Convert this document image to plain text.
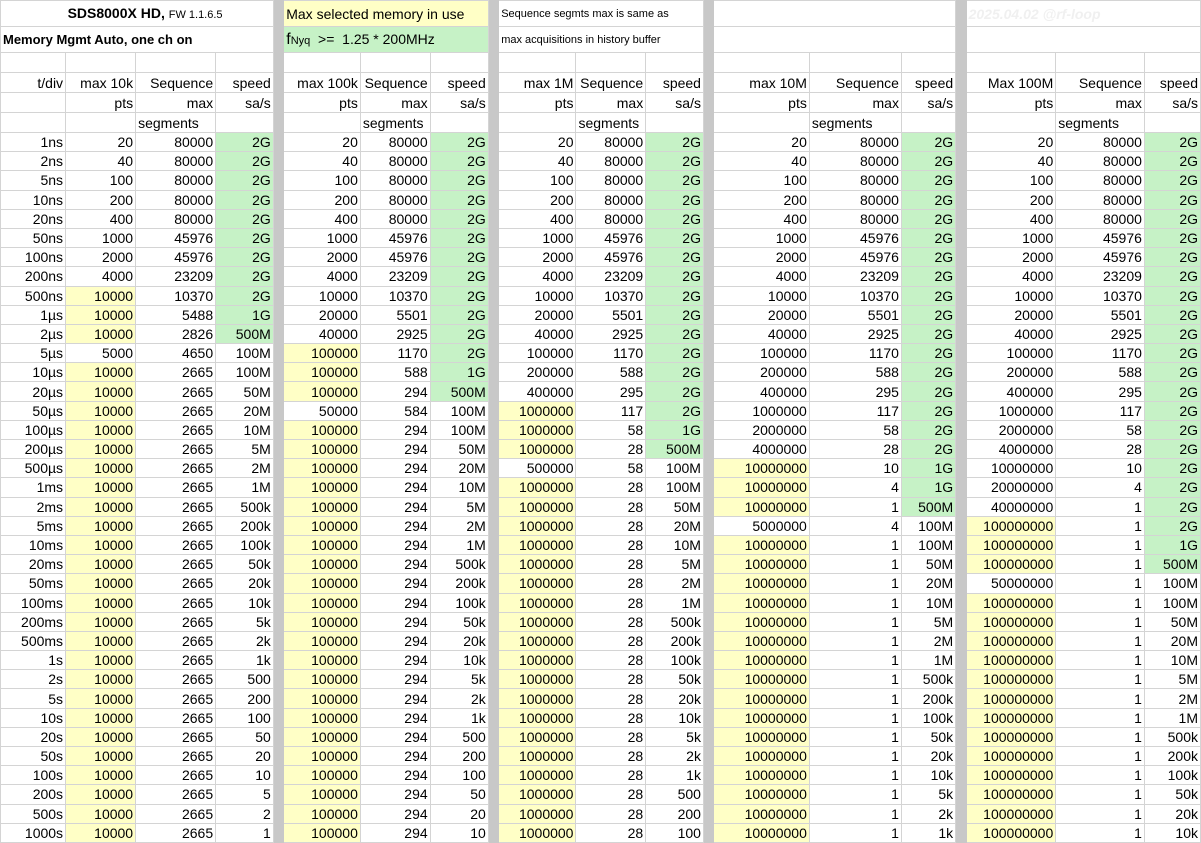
	SDS8000X HD, FW 1.1.6.5				Max selected memory in use				Sequence segmts max is same as								2025.04.02 @rf-loop		
Memory Mgmt Auto, one ch on					fNyq  >=  1.25 * 200MHz				max acquisitions in history buffer										

t/div	max 10k	Sequence	speed		max 100k	Sequence	speed		max 1M	Sequence	speed		max 10M	Sequence	speed		Max 100M	Sequence	speed
	pts	max	sa/s		pts	max	sa/s		pts	max	sa/s		pts	max	sa/s		pts	max	sa/s
		segments				segments				segments				segments				segments	
1ns	20	80000	2G		20	80000	2G		20	80000	2G		20	80000	2G		20	80000	2G
2ns	40	80000	2G		40	80000	2G		40	80000	2G		40	80000	2G		40	80000	2G
5ns	100	80000	2G		100	80000	2G		100	80000	2G		100	80000	2G		100	80000	2G
10ns	200	80000	2G		200	80000	2G		200	80000	2G		200	80000	2G		200	80000	2G
20ns	400	80000	2G		400	80000	2G		400	80000	2G		400	80000	2G		400	80000	2G
50ns	1000	45976	2G		1000	45976	2G		1000	45976	2G		1000	45976	2G		1000	45976	2G
100ns	2000	45976	2G		2000	45976	2G		2000	45976	2G		2000	45976	2G		2000	45976	2G
200ns	4000	23209	2G		4000	23209	2G		4000	23209	2G		4000	23209	2G		4000	23209	2G
500ns	10000	10370	2G		10000	10370	2G		10000	10370	2G		10000	10370	2G		10000	10370	2G
1µs	10000	5488	1G		20000	5501	2G		20000	5501	2G		20000	5501	2G		20000	5501	2G
2µs	10000	2826	500M		40000	2925	2G		40000	2925	2G		40000	2925	2G		40000	2925	2G
5µs	5000	4650	100M		100000	1170	2G		100000	1170	2G		100000	1170	2G		100000	1170	2G
10µs	10000	2665	100M		100000	588	1G		200000	588	2G		200000	588	2G		200000	588	2G
20µs	10000	2665	50M		100000	294	500M		400000	295	2G		400000	295	2G		400000	295	2G
50µs	10000	2665	20M		50000	584	100M		1000000	117	2G		1000000	117	2G		1000000	117	2G
100µs	10000	2665	10M		100000	294	100M		1000000	58	1G		2000000	58	2G		2000000	58	2G
200µs	10000	2665	5M		100000	294	50M		1000000	28	500M		4000000	28	2G		4000000	28	2G
500µs	10000	2665	2M		100000	294	20M		500000	58	100M		10000000	10	1G		10000000	10	2G
1ms	10000	2665	1M		100000	294	10M		1000000	28	100M		10000000	4	1G		20000000	4	2G
2ms	10000	2665	500k		100000	294	5M		1000000	28	50M		10000000	1	500M		40000000	1	2G
5ms	10000	2665	200k		100000	294	2M		1000000	28	20M		5000000	4	100M		100000000	1	2G
10ms	10000	2665	100k		100000	294	1M		1000000	28	10M		10000000	1	100M		100000000	1	1G
20ms	10000	2665	50k		100000	294	500k		1000000	28	5M		10000000	1	50M		100000000	1	500M
50ms	10000	2665	20k		100000	294	200k		1000000	28	2M		10000000	1	20M		50000000	1	100M
100ms	10000	2665	10k		100000	294	100k		1000000	28	1M		10000000	1	10M		100000000	1	100M
200ms	10000	2665	5k		100000	294	50k		1000000	28	500k		10000000	1	5M		100000000	1	50M
500ms	10000	2665	2k		100000	294	20k		1000000	28	200k		10000000	1	2M		100000000	1	20M
1s	10000	2665	1k		100000	294	10k		1000000	28	100k		10000000	1	1M		100000000	1	10M
2s	10000	2665	500		100000	294	5k		1000000	28	50k		10000000	1	500k		100000000	1	5M
5s	10000	2665	200		100000	294	2k		1000000	28	20k		10000000	1	200k		100000000	1	2M
10s	10000	2665	100		100000	294	1k		1000000	28	10k		10000000	1	100k		100000000	1	1M
20s	10000	2665	50		100000	294	500		1000000	28	5k		10000000	1	50k		100000000	1	500k
50s	10000	2665	20		100000	294	200		1000000	28	2k		10000000	1	20k		100000000	1	200k
100s	10000	2665	10		100000	294	100		1000000	28	1k		10000000	1	10k		100000000	1	100k
200s	10000	2665	5		100000	294	50		1000000	28	500		10000000	1	5k		100000000	1	50k
500s	10000	2665	2		100000	294	20		1000000	28	200		10000000	1	2k		100000000	1	20k
1000s	10000	2665	1		100000	294	10		1000000	28	100		10000000	1	1k		100000000	1	10k
